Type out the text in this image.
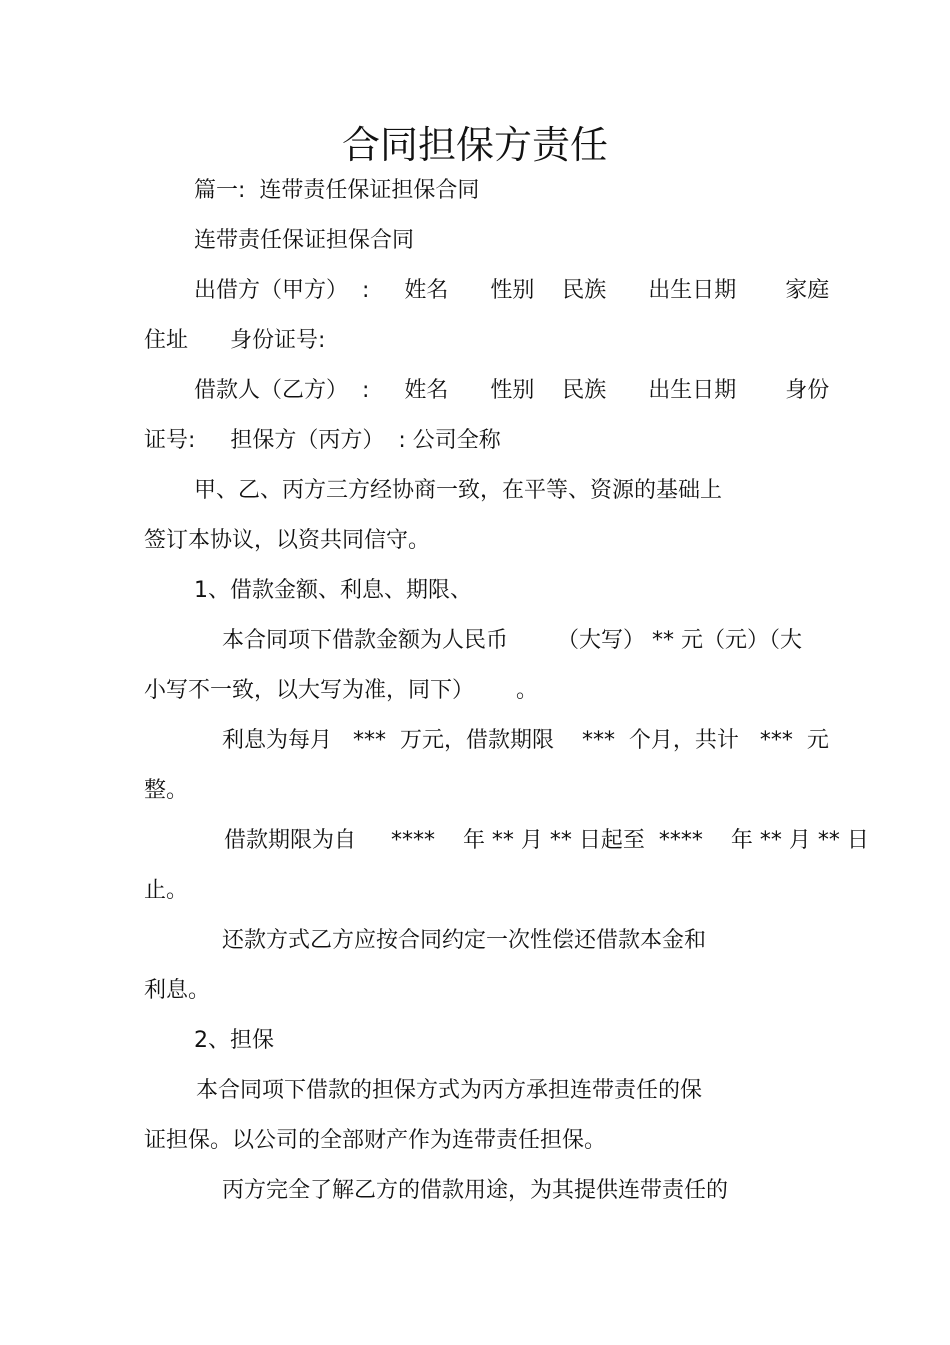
合同担保方责任
篇一:  连带责任保证担保合同
连带责任保证担保合同
出借方（甲方）  :     姓名      性别    民族      出生日期       家庭
住址      身份证号:
借款人（乙方）  :     姓名      性别    民族      出生日期       身份
证号:     担保方（丙方）  : 公司全称
甲、乙、丙方三方经协商一致，在平等、资源的基础上
签订本协议，以资共同信守。
1、借款金额、利息、期限、
本合同项下借款金额为人民币       （大写） ** 元（元）（大
小写不一致，以大写为准，同下）      。
利息为每月   ***  万元，借款期限    ***  个月，共计   ***  元
整。
借款期限为自     ****    年 ** 月 ** 日起至  ****    年 ** 月 ** 日
止。
还款方式乙方应按合同约定一次性偿还借款本金和
利息。
2、担保
本合同项下借款的担保方式为丙方承担连带责任的保
证担保。以公司的全部财产作为连带责任担保。
丙方完全了解乙方的借款用途，为其提供连带责任的
